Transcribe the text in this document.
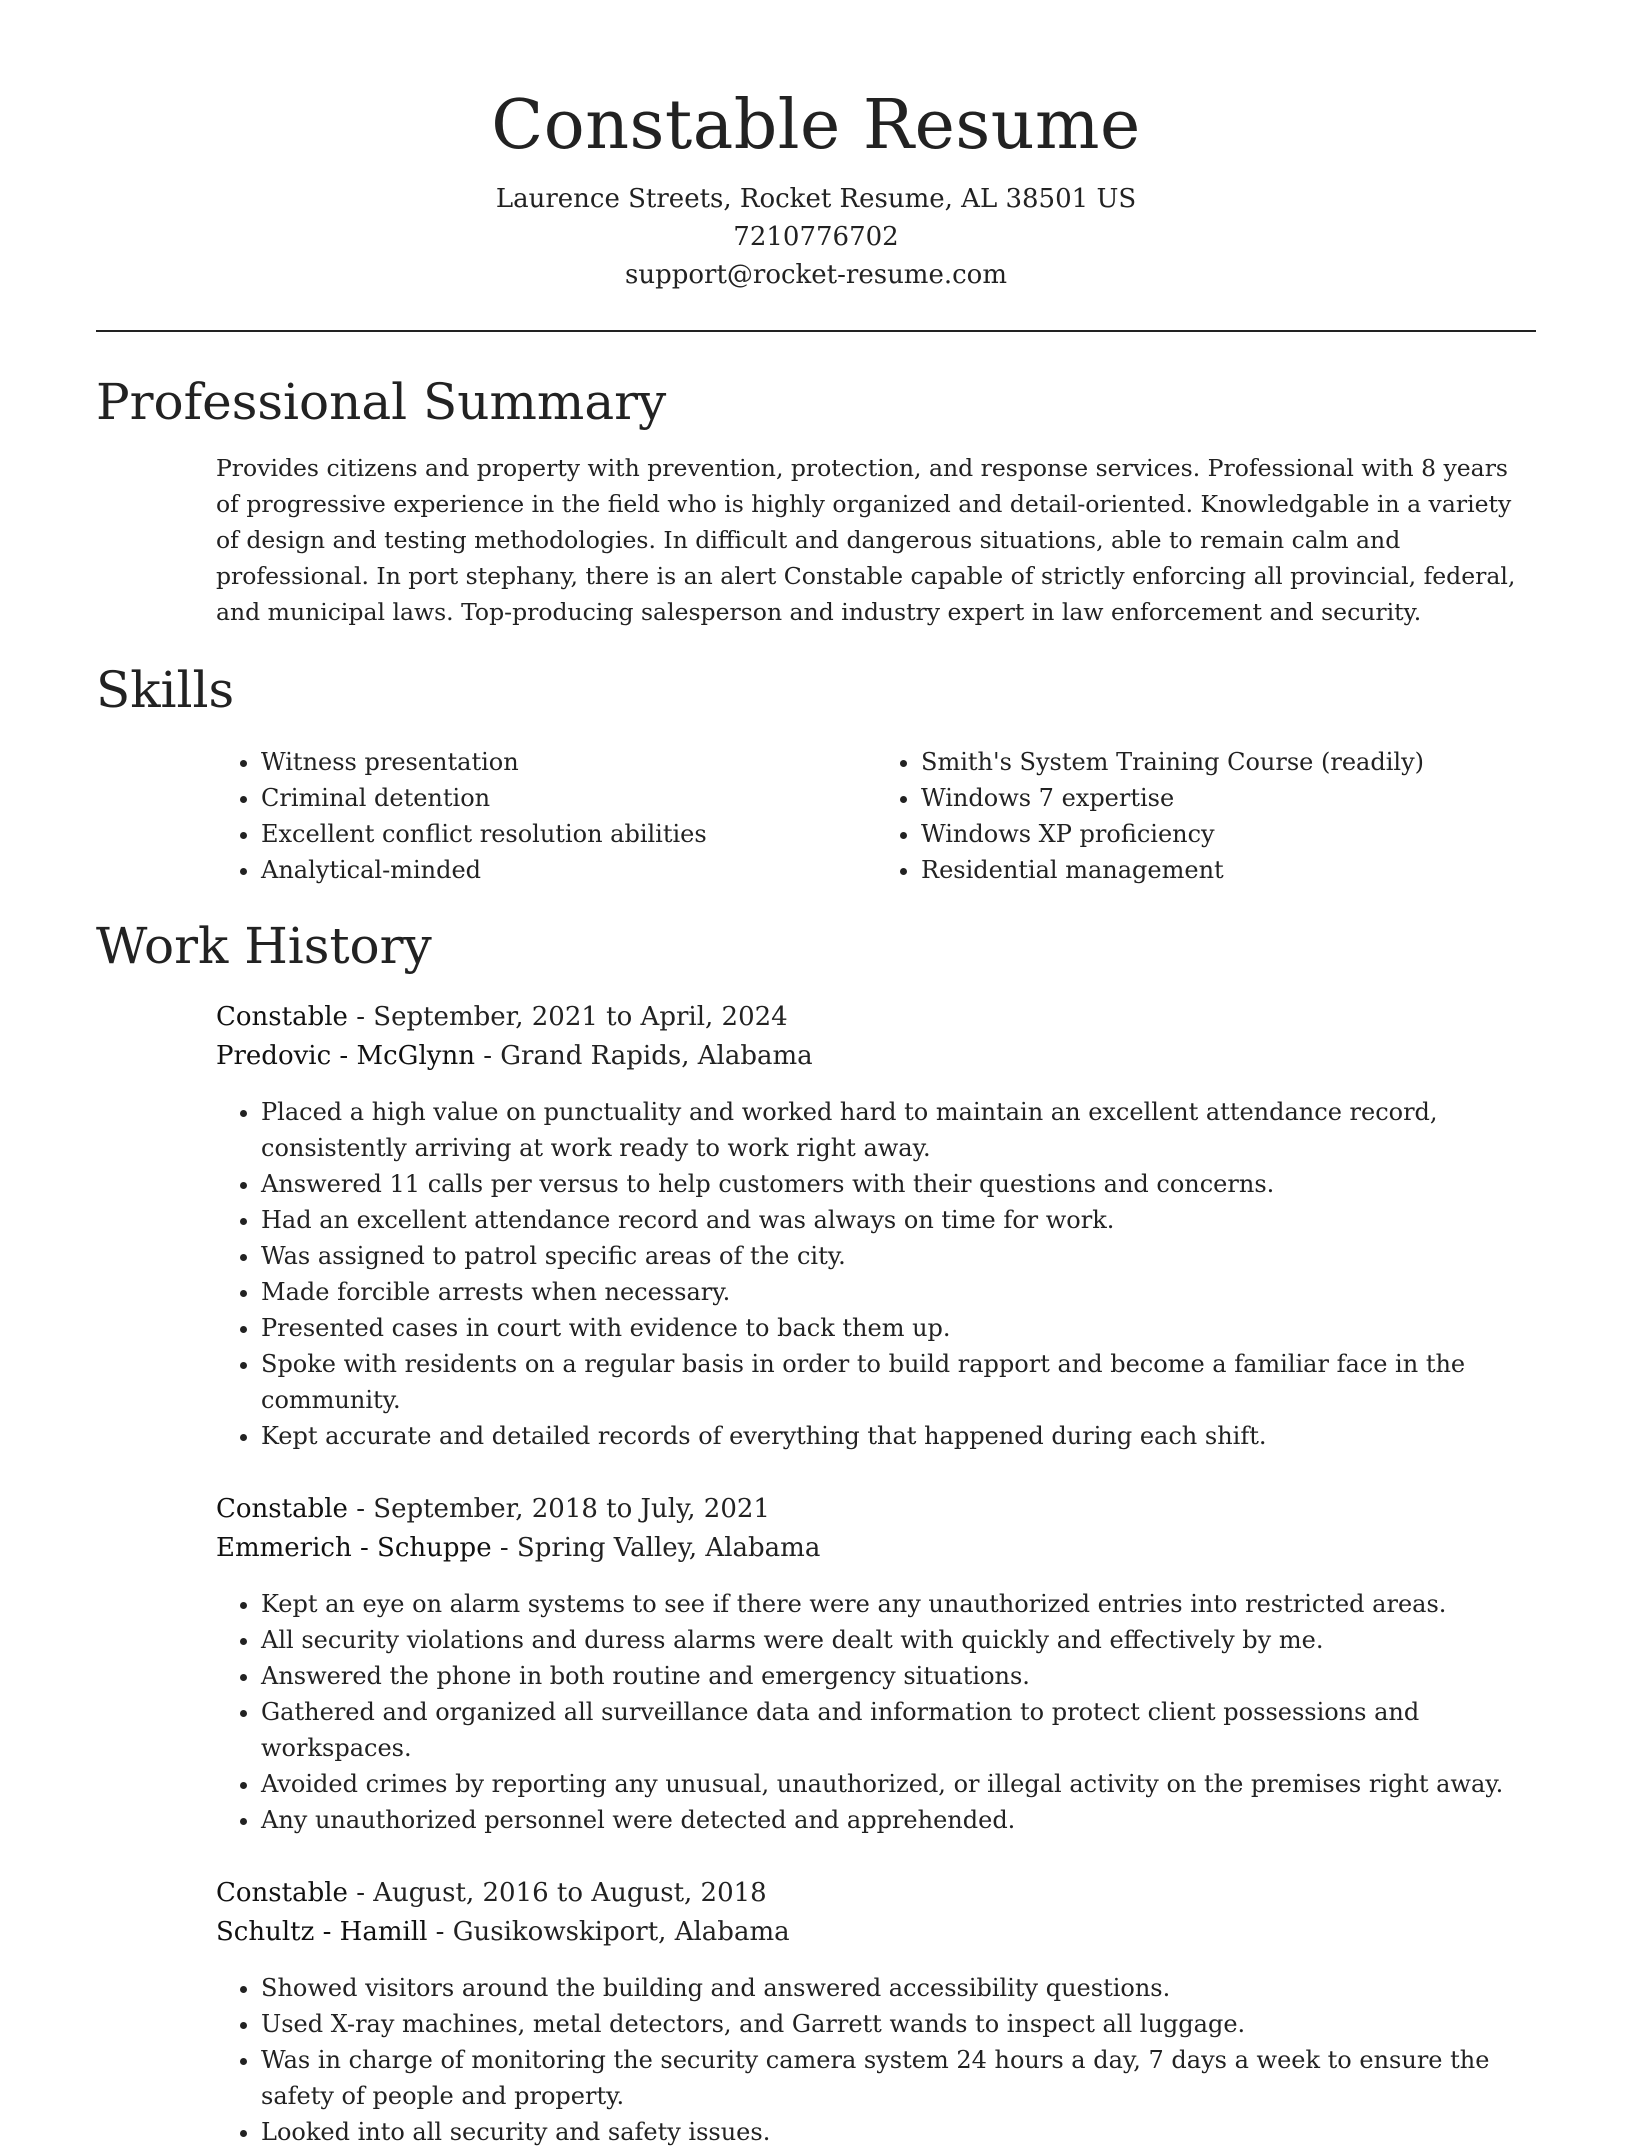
Constable Resume
Laurence Streets, Rocket Resume, AL 38501 US
7210776702
support@rocket-resume.com
Professional Summary

Provides citizens and property with prevention, protection, and response services. Professional with 8 years of progressive experience in the field who is highly organized and detail-oriented. Knowledgable in a variety of design and testing methodologies. In difficult and dangerous situations, able to remain calm and professional. In port stephany, there is an alert Constable capable of strictly enforcing all provincial, federal, and municipal laws. Top-producing salesperson and industry expert in law enforcement and security.

Skills
• Witness presentation
• Criminal detention
• Excellent conflict resolution abilities
• Analytical-minded
• Smith's System Training Course (readily)
• Windows 7 expertise
• Windows XP proficiency
• Residential management
Work History
Constable - September, 2021 to April, 2024
Predovic - McGlynn - Grand Rapids, Alabama
• Placed a high value on punctuality and worked hard to maintain an excellent attendance record, consistently arriving at work ready to work right away.
• Answered 11 calls per versus to help customers with their questions and concerns.
• Had an excellent attendance record and was always on time for work.
• Was assigned to patrol specific areas of the city.
• Made forcible arrests when necessary.
• Presented cases in court with evidence to back them up.
• Spoke with residents on a regular basis in order to build rapport and become a familiar face in the community.
• Kept accurate and detailed records of everything that happened during each shift.
Constable - September, 2018 to July, 2021
Emmerich - Schuppe - Spring Valley, Alabama
• Kept an eye on alarm systems to see if there were any unauthorized entries into restricted areas.
• All security violations and duress alarms were dealt with quickly and effectively by me.
• Answered the phone in both routine and emergency situations.
• Gathered and organized all surveillance data and information to protect client possessions and workspaces.
• Avoided crimes by reporting any unusual, unauthorized, or illegal activity on the premises right away.
• Any unauthorized personnel were detected and apprehended.
Constable - August, 2016 to August, 2018
Schultz - Hamill - Gusikowskiport, Alabama
• Showed visitors around the building and answered accessibility questions.
• Used X-ray machines, metal detectors, and Garrett wands to inspect all luggage.
• Was in charge of monitoring the security camera system 24 hours a day, 7 days a week to ensure the safety of people and property.
• Looked into all security and safety issues.
